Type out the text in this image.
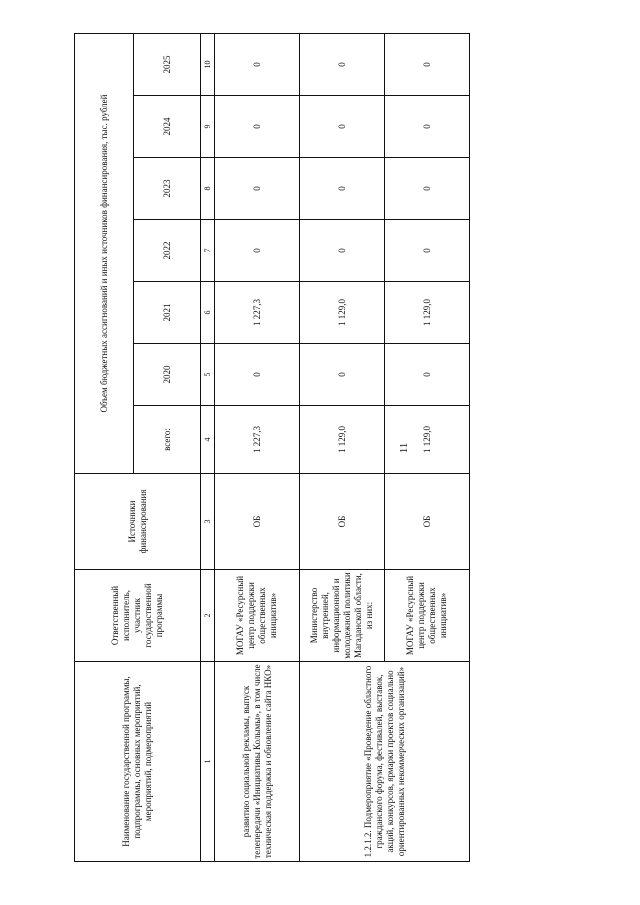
11
Наименование государственной программы, подпрограммы, основных мероприятий, мероприятий, подмероприятий	Ответственный исполнитель, участник государственной программы	Источники финансирования	Объем бюджетных ассигнований и иных источников финансирования, тыс. рублей						
			всего:	2020	2021	2022	2023	2024	2025
1	2	3	4	5	6	7	8	9	10
развитию социальной рекламы, выпуск телепередачи «Инициативы Колымы», в том числе техническая поддержка и обновление сайта НКО»	МОГАУ «Ресурсный центр поддержки общественных инициатив»	ОБ	1 227,3	0	1 227,3	0	0	0	0
1.2.1.2. Подмероприятие «Проведение областного гражданского форума, фестивалей, выставок, акций, конкурсов, ярмарки проектов социально ориентированных некоммерческих организаций»	Министерство внутренней, информационной и молодежной политики Магаданской области, из них:	ОБ	1 129,0	0	1 129,0	0	0	0	0
	МОГАУ «Ресурсный центр поддержки общественных инициатив»	ОБ	1 129,0	0	1 129,0	0	0	0	0
